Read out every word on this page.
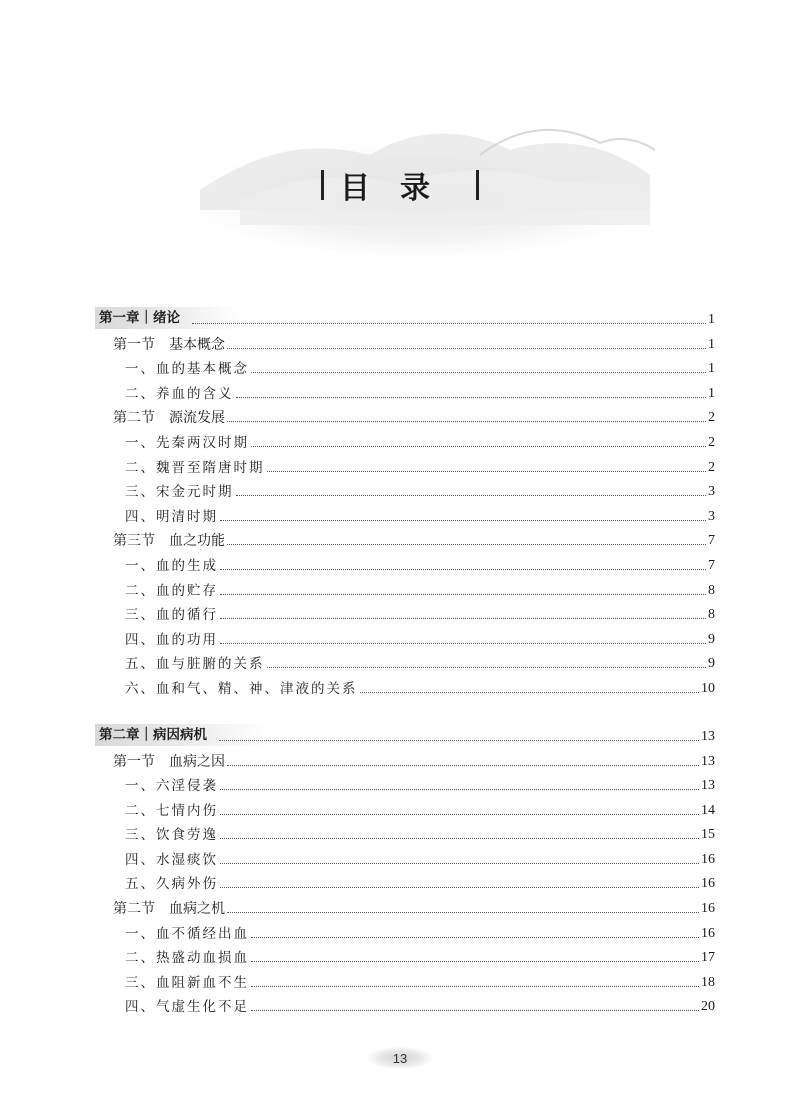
目录
第一章｜绪论	1
第一节　基本概念	1
一、血的基本概念	1
二、养血的含义	1
第二节　源流发展	2
一、先秦两汉时期	2
二、魏晋至隋唐时期	2
三、宋金元时期	3
四、明清时期	3
第三节　血之功能	7
一、血的生成	7
二、血的贮存	8
三、血的循行	8
四、血的功用	9
五、血与脏腑的关系	9
六、血和气、精、神、津液的关系	10
第二章｜病因病机	13
第一节　血病之因	13
一、六淫侵袭	13
二、七情内伤	14
三、饮食劳逸	15
四、水湿痰饮	16
五、久病外伤	16
第二节　血病之机	16
一、血不循经出血	16
二、热盛动血损血	17
三、血阻新血不生	18
四、气虚生化不足	20
13
